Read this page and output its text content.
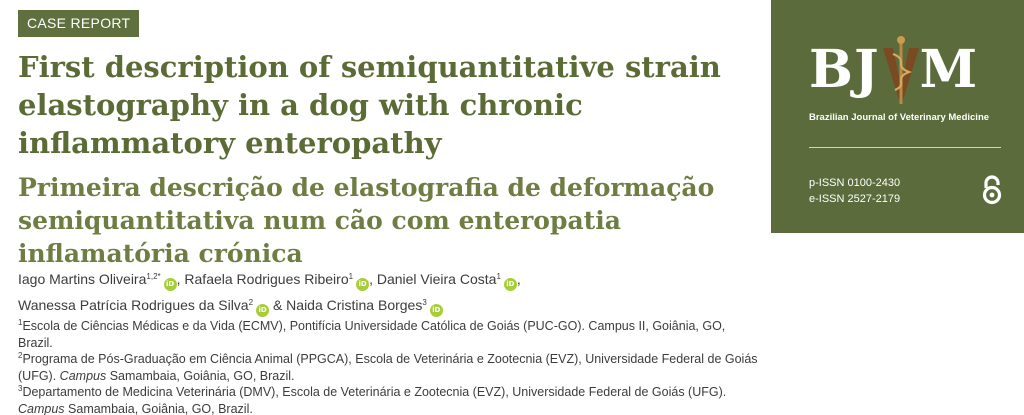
CASE REPORT
First description of semiquantitative strain elastography in a dog with chronic inflammatory enteropathy
Primeira descrição de elastografia de deformação semiquantitativa num cão com enteropatia inflamatória crónica
Iago Martins Oliveira$^{1,2*}$iD , Rafaela Rodrigues Ribeiro$^1$iD , Daniel Vieira Costa$^1$iD ,
Wanessa Patrícia Rodrigues da Silva$^2$iD & Naida Cristina Borges$^3$iD
$^1$Escola de Ciências Médicas e da Vida (ECMV), Pontifícia Universidade Católica de Goiás (PUC-GO). Campus II, Goiânia, GO, Brazil.
$^2$Programa de Pós-Graduação em Ciência Animal (PPGCA), Escola de Veterinária e Zootecnia (EVZ), Universidade Federal de Goiás (UFG). Campus Samambaia, Goiânia, GO, Brazil.
$^3$Departamento de Medicina Veterinária (DMV), Escola de Veterinária e Zootecnia (EVZ), Universidade Federal de Goiás (UFG). Campus Samambaia, Goiânia, GO, Brazil.
BJ M
Brazilian Journal of Veterinary Medicine
p-ISSN 0100-2430
e-ISSN 2527-2179
